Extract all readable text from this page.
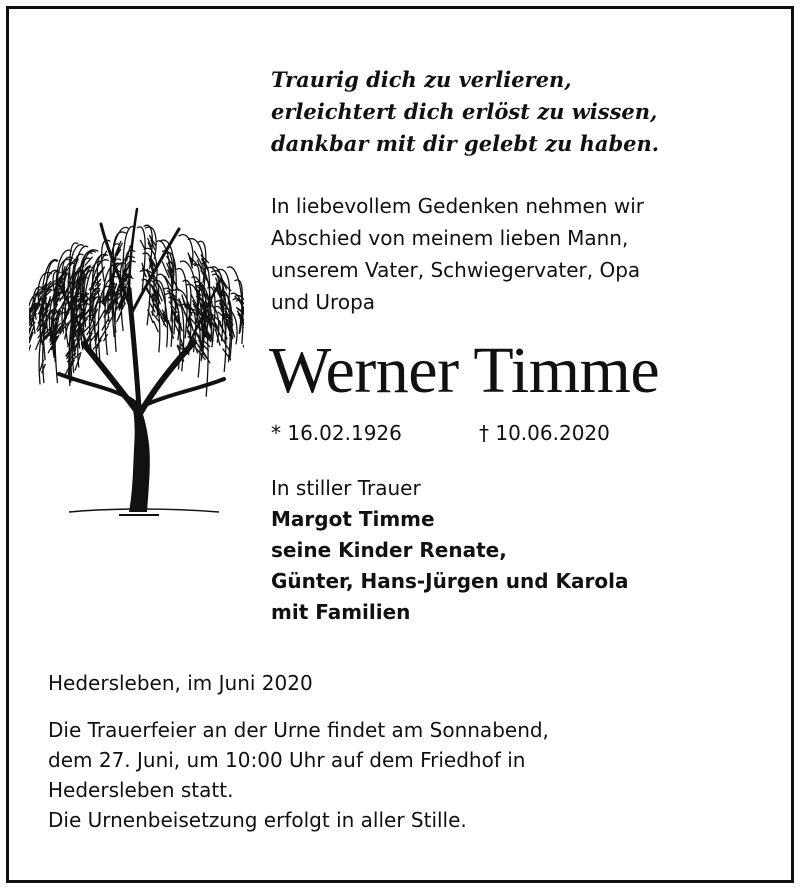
Traurig dich zu verlieren,
erleichtert dich erlöst zu wissen,
dankbar mit dir gelebt zu haben.
In liebevollem Gedenken nehmen wir
Abschied von meinem lieben Mann,
unserem Vater, Schwiegervater, Opa
und Uropa
Werner Timme
* 16.02.1926	† 10.06.2020
In stiller Trauer
Margot Timme
seine Kinder Renate,
Günter, Hans-Jürgen und Karola
mit Familien
Hedersleben, im Juni 2020
Die Trauerfeier an der Urne findet am Sonnabend,
dem 27. Juni, um 10:00 Uhr auf dem Friedhof in
Hedersleben statt.
Die Urnenbeisetzung erfolgt in aller Stille.
